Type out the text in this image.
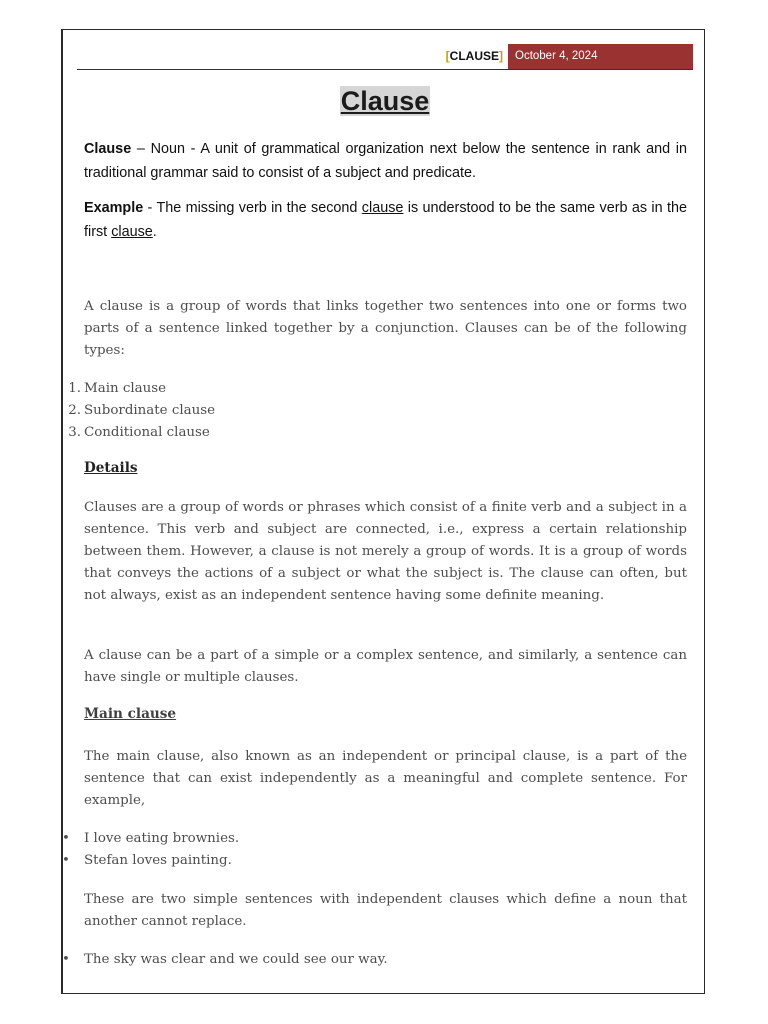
[CLAUSE]	October 4, 2024
Clause
Clause – Noun - A unit of grammatical organization next below the sentence in rank and in traditional grammar said to consist of a subject and predicate.
Example - The missing verb in the second clause is understood to be the same verb as in the first clause.
A clause is a group of words that links together two sentences into one or forms two parts of a sentence linked together by a conjunction. Clauses can be of the following types:
1. Main clause
2. Subordinate clause
3. Conditional clause
Details
Clauses are a group of words or phrases which consist of a finite verb and a subject in a sentence. This verb and subject are connected, i.e., express a certain relationship between them. However, a clause is not merely a group of words. It is a group of words that conveys the actions of a subject or what the subject is. The clause can often, but not always, exist as an independent sentence having some definite meaning.
A clause can be a part of a simple or a complex sentence, and similarly, a sentence can have single or multiple clauses.
Main clause
The main clause, also known as an independent or principal clause, is a part of the sentence that can exist independently as a meaningful and complete sentence. For example,
• I love eating brownies.
• Stefan loves painting.
These are two simple sentences with independent clauses which define a noun that another cannot replace.
• The sky was clear and we could see our way.
